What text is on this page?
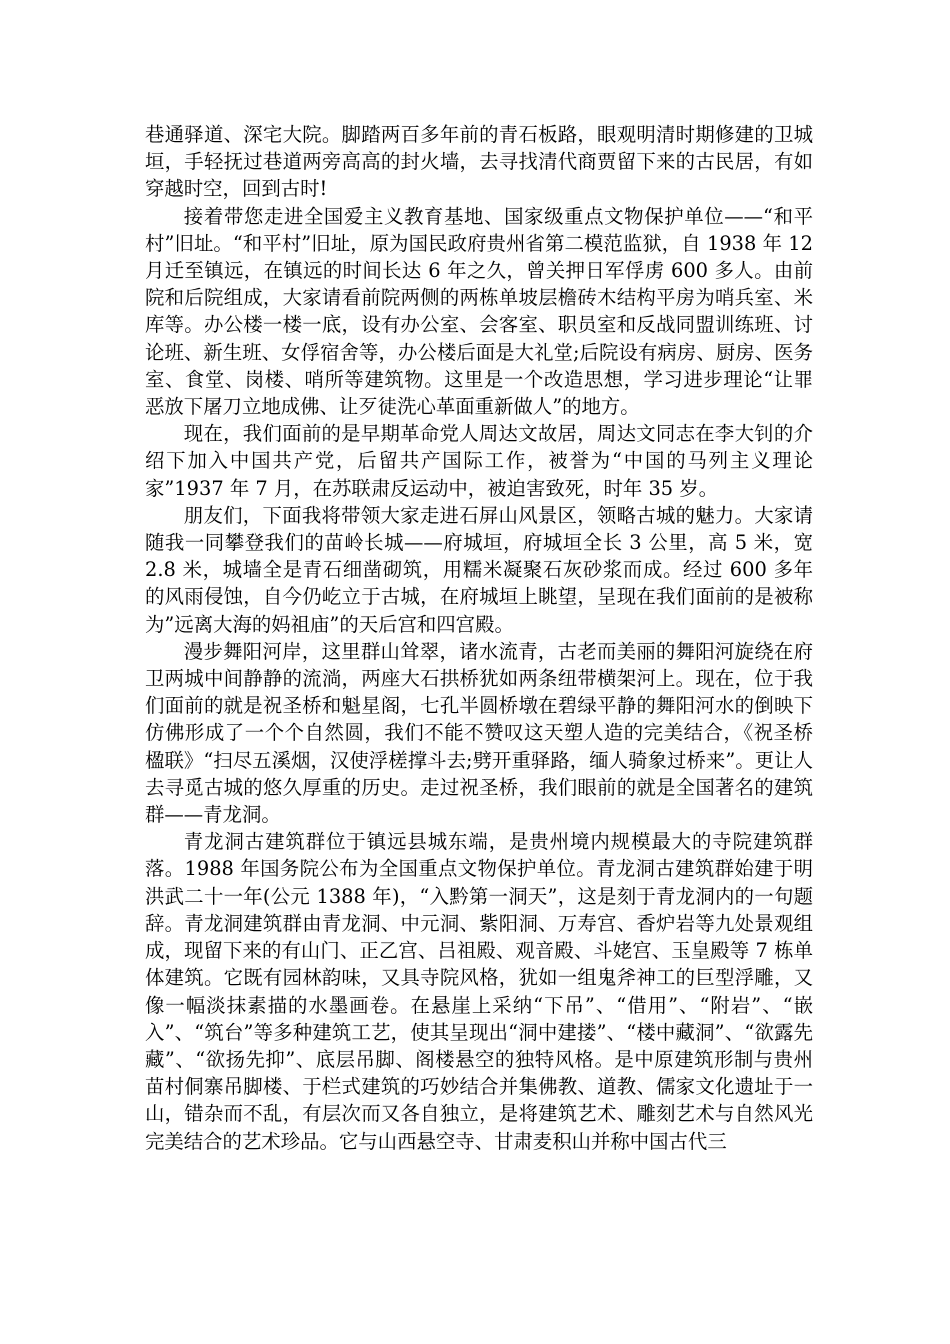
巷通驿道、深宅大院。脚踏两百多年前的青石板路，眼观明清时期修建的卫城垣，手轻抚过巷道两旁高高的封火墙，去寻找清代商贾留下来的古民居，有如穿越时空，回到古时!

接着带您走进全国爱主义教育基地、国家级重点文物保护单位——“和平村”旧址。“和平村”旧址，原为国民政府贵州省第二模范监狱，自 1938 年 12 月迁至镇远，在镇远的时间长达 6 年之久，曾关押日军俘虏 600 多人。由前院和后院组成，大家请看前院两侧的两栋单坡层檐砖木结构平房为哨兵室、米库等。办公楼一楼一底，设有办公室、会客室、职员室和反战同盟训练班、讨论班、新生班、女俘宿舍等，办公楼后面是大礼堂;后院设有病房、厨房、医务室、食堂、岗楼、哨所等建筑物。这里是一个改造思想，学习进步理论“让罪恶放下屠刀立地成佛、让歹徒洗心革面重新做人”的地方。

现在，我们面前的是早期革命党人周达文故居，周达文同志在李大钊的介绍下加入中国共产党，后留共产国际工作，被誉为“中国的马列主义理论家”1937 年 7 月，在苏联肃反运动中，被迫害致死，时年 35 岁。

朋友们，下面我将带领大家走进石屏山风景区，领略古城的魅力。大家请随我一同攀登我们的苗岭长城——府城垣，府城垣全长 3 公里，高 5 米，宽 2.8 米，城墙全是青石细凿砌筑，用糯米凝聚石灰砂浆而成。经过 600 多年的风雨侵蚀，自今仍屹立于古城，在府城垣上眺望，呈现在我们面前的是被称为”远离大海的妈祖庙”的天后宫和四宫殿。

漫步舞阳河岸，这里群山耸翠，诸水流青，古老而美丽的舞阳河旋绕在府卫两城中间静静的流淌，两座大石拱桥犹如两条纽带横架河上。现在，位于我们面前的就是祝圣桥和魁星阁，七孔半圆桥墩在碧绿平静的舞阳河水的倒映下仿佛形成了一个个自然圆，我们不能不赞叹这天塑人造的完美结合，《祝圣桥楹联》“扫尽五溪烟，汉使浮槎撑斗去;劈开重驿路，缅人骑象过桥来”。更让人去寻觅古城的悠久厚重的历史。走过祝圣桥，我们眼前的就是全国著名的建筑群——青龙洞。

青龙洞古建筑群位于镇远县城东端，是贵州境内规模最大的寺院建筑群落。1988 年国务院公布为全国重点文物保护单位。青龙洞古建筑群始建于明洪武二十一年(公元 1388 年)，“入黔第一洞天”，这是刻于青龙洞内的一句题辞。青龙洞建筑群由青龙洞、中元洞、紫阳洞、万寿宫、香炉岩等九处景观组成，现留下来的有山门、正乙宫、吕祖殿、观音殿、斗姥宫、玉皇殿等 7 栋单体建筑。它既有园林韵味，又具寺院风格，犹如一组鬼斧神工的巨型浮雕，又像一幅淡抹素描的水墨画卷。在悬崖上采纳“下吊”、“借用”、“附岩”、“嵌入”、“筑台”等多种建筑工艺，使其呈现出“洞中建搂”、“楼中藏洞”、“欲露先藏”、“欲扬先抑”、底层吊脚、阁楼悬空的独特风格。是中原建筑形制与贵州苗村侗寨吊脚楼、于栏式建筑的巧妙结合并集佛教、道教、儒家文化遗址于一山，错杂而不乱，有层次而又各自独立，是将建筑艺术、雕刻艺术与自然风光完美结合的艺术珍品。它与山西悬空寺、甘肃麦积山并称中国古代三
